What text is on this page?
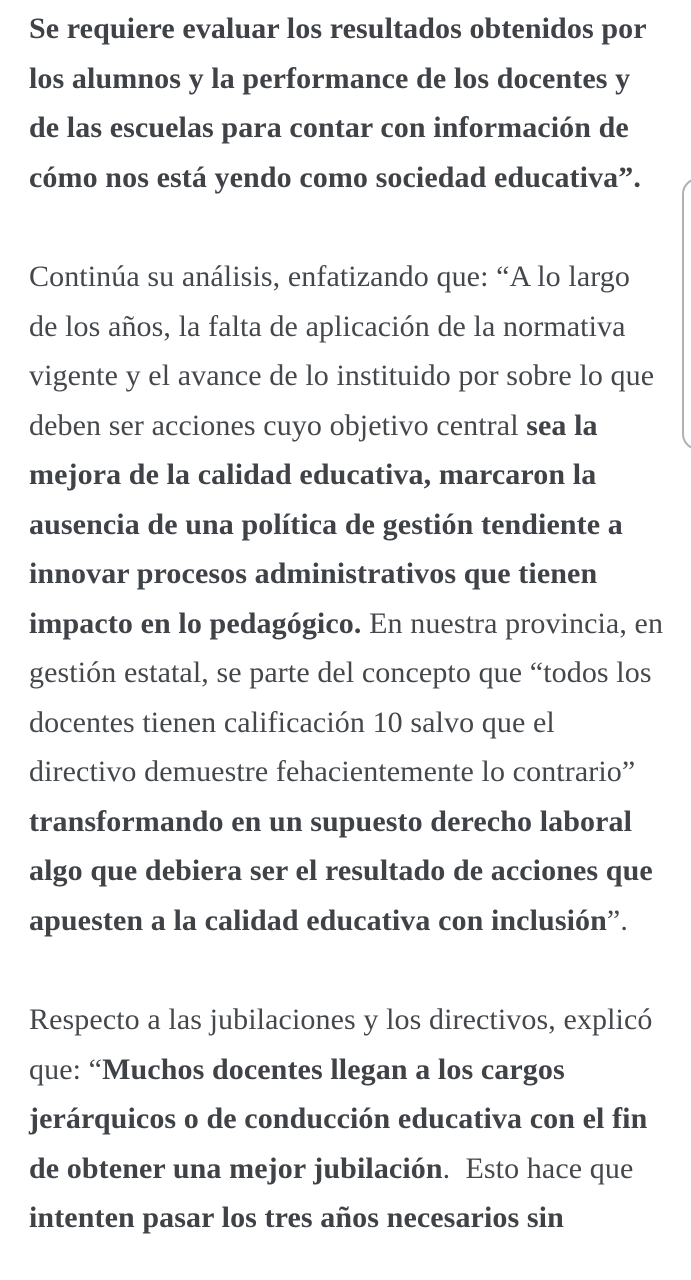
Se requiere evaluar los resultados obtenidos por los alumnos y la performance de los docentes y de las escuelas para contar con información de cómo nos está yendo como sociedad educativa”.

Continúa su análisis, enfatizando que: “A lo largo de los años, la falta de aplicación de la normativa vigente y el avance de lo instituido por sobre lo que deben ser acciones cuyo objetivo central sea la mejora de la calidad educativa, marcaron la ausencia de una política de gestión tendiente a innovar procesos administrativos que tienen impacto en lo pedagógico. En nuestra provincia, en gestión estatal, se parte del concepto que “todos los docentes tienen calificación 10 salvo que el directivo demuestre fehacientemente lo contrario” transformando en un supuesto derecho laboral algo que debiera ser el resultado de acciones que apuesten a la calidad educativa con inclusión”.

Respecto a las jubilaciones y los directivos, explicó que: “Muchos docentes llegan a los cargos jerárquicos o de conducción educativa con el fin de obtener una mejor jubilación.  Esto hace que intenten pasar los tres años necesarios sin
